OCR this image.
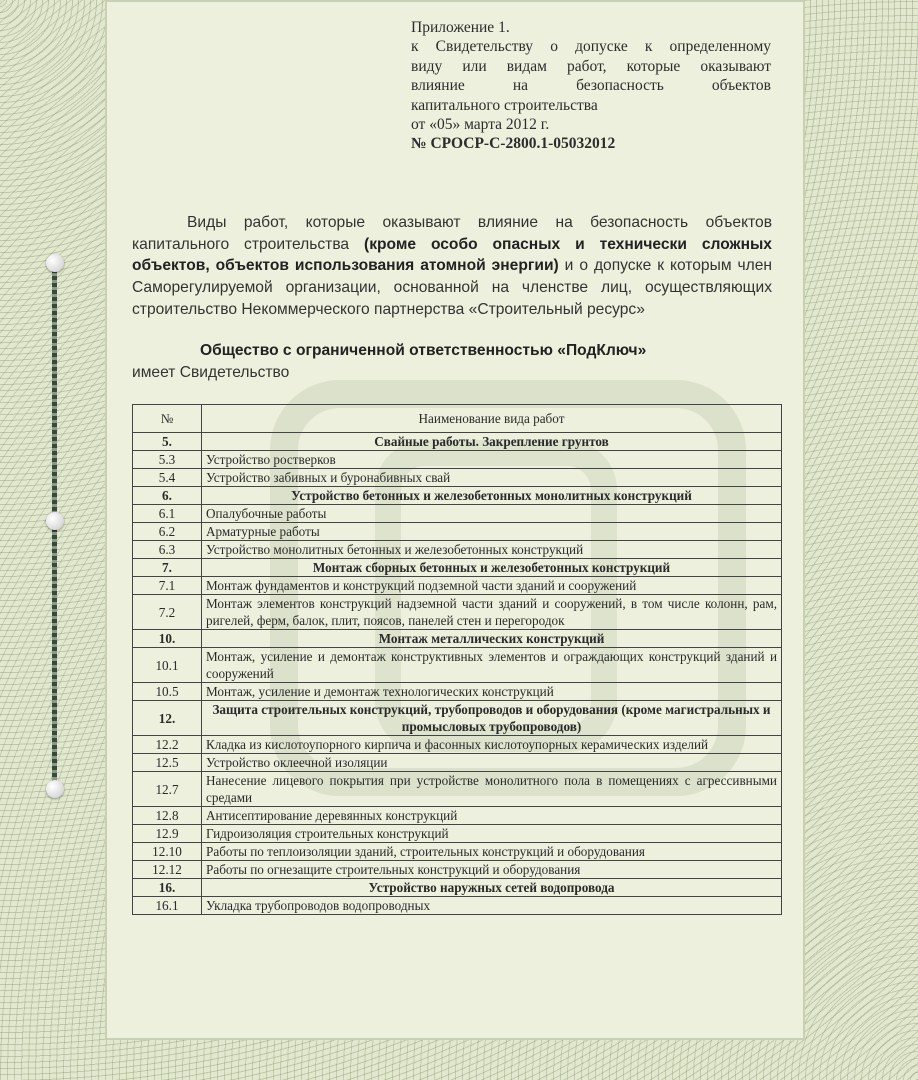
Приложение 1.
к Свидетельству о допуске к определенному
виду или видам работ, которые оказывают
влияние на безопасность объектов
капитального строительства
от «05» марта 2012 г.
№ СРОСР-С-2800.1-05032012
Виды работ, которые оказывают влияние на безопасность объектов капитального строительства (кроме особо опасных и технически сложных объектов, объектов использования атомной энергии) и о допуске к которым член Саморегулируемой организации, основанной на членстве лиц, осуществляющих строительство Некоммерческого партнерства «Строительный ресурс»
Общество с ограниченной ответственностью «ПодКлюч»
имеет Свидетельство
№	Наименование вида работ
5.	Свайные работы. Закрепление грунтов
5.3	Устройство ростверков
5.4	Устройство забивных и буронабивных свай
6.	Устройство бетонных и железобетонных монолитных конструкций
6.1	Опалубочные работы
6.2	Арматурные работы
6.3	Устройство монолитных бетонных и железобетонных конструкций
7.	Монтаж сборных бетонных и железобетонных конструкций
7.1	Монтаж фундаментов и конструкций подземной части зданий и сооружений
7.2	Монтаж элементов конструкций надземной части зданий и сооружений, в том числе колонн, рам, ригелей, ферм, балок, плит, поясов, панелей стен и перегородок
10.	Монтаж металлических конструкций
10.1	Монтаж, усиление и демонтаж конструктивных элементов и ограждающих конструкций зданий и сооружений
10.5	Монтаж, усиление и демонтаж технологических конструкций
12.	Защита строительных конструкций, трубопроводов и оборудования (кроме магистральных и промысловых трубопроводов)
12.2	Кладка из кислотоупорного кирпича и фасонных кислотоупорных керамических изделий
12.5	Устройство оклеечной изоляции
12.7	Нанесение лицевого покрытия при устройстве монолитного пола в помещениях с агрессивными средами
12.8	Антисептирование деревянных конструкций
12.9	Гидроизоляция строительных конструкций
12.10	Работы по теплоизоляции зданий, строительных конструкций и оборудования
12.12	Работы по огнезащите строительных конструкций и оборудования
16.	Устройство наружных сетей водопровода
16.1	Укладка трубопроводов водопроводных
